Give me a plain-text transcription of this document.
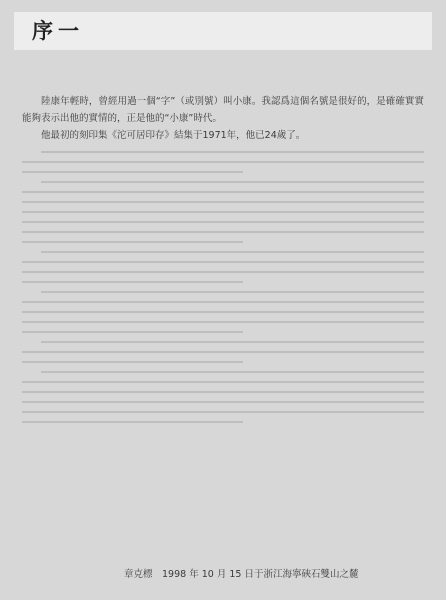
序一

陸康年輕時，曾經用過一個“字”（或別號）叫小康。我認爲這個名號是很好的，是確確實實能夠表示出他的實情的，正是他的“小康”時代。

他最初的刻印集《沱可居印存》結集于1971年，他已24歲了。

章克標　1998 年 10 月 15 日于浙江海寧硤石雙山之麓
